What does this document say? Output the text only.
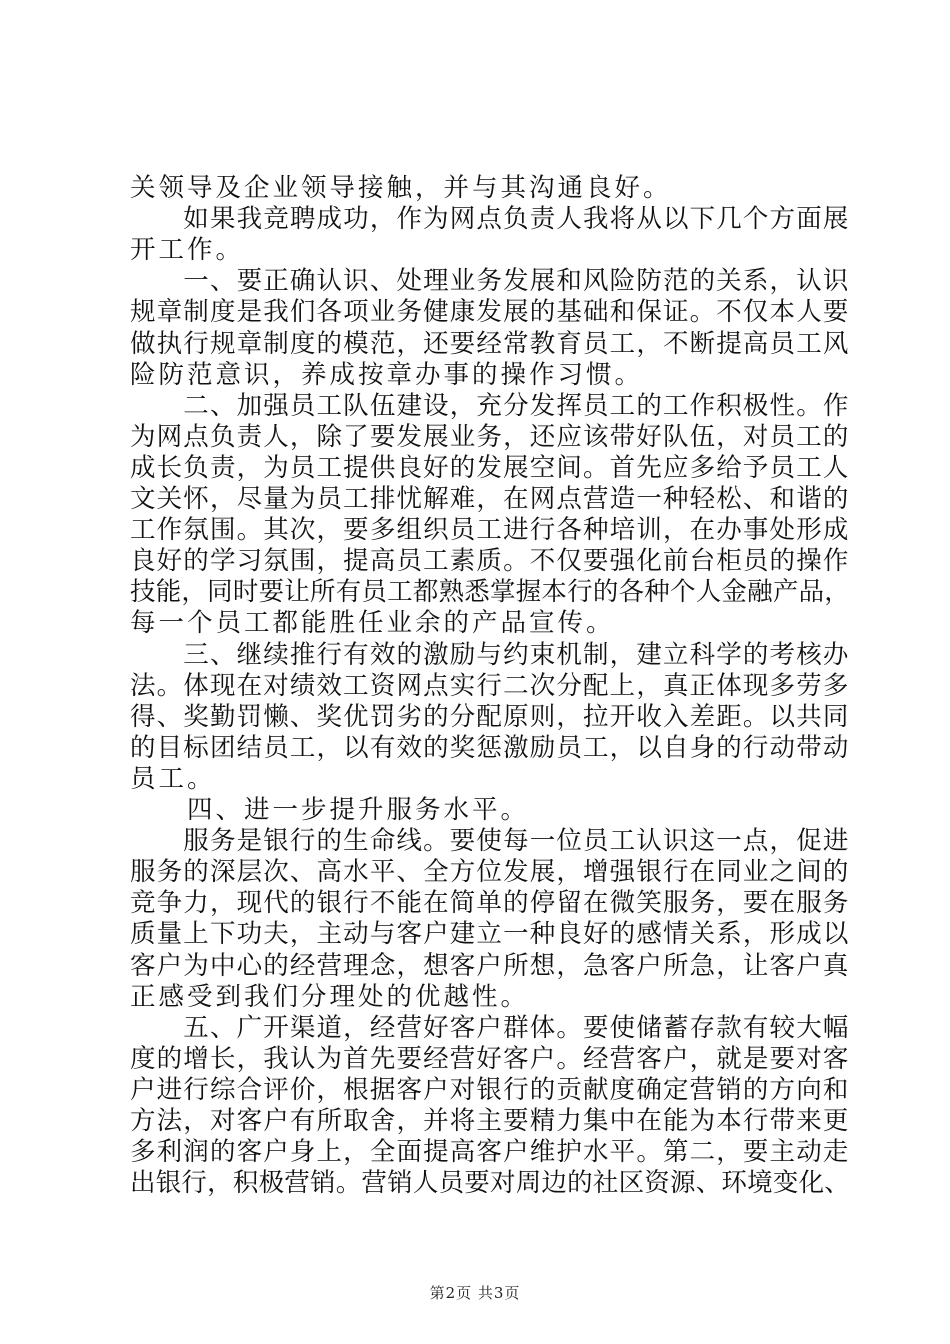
关领导及企业领导接触，并与其沟通良好。
　　如果我竞聘成功，作为网点负责人我将从以下几个方面展
开工作。
　　一、要正确认识、处理业务发展和风险防范的关系，认识
规章制度是我们各项业务健康发展的基础和保证。不仅本人要
做执行规章制度的模范，还要经常教育员工，不断提高员工风
险防范意识，养成按章办事的操作习惯。
　　二、加强员工队伍建设，充分发挥员工的工作积极性。作
为网点负责人，除了要发展业务，还应该带好队伍，对员工的
成长负责，为员工提供良好的发展空间。首先应多给予员工人
文关怀，尽量为员工排忧解难，在网点营造一种轻松、和谐的
工作氛围。其次，要多组织员工进行各种培训，在办事处形成
良好的学习氛围，提高员工素质。不仅要强化前台柜员的操作
技能，同时要让所有员工都熟悉掌握本行的各种个人金融产品，
每一个员工都能胜任业余的产品宣传。
　　三、继续推行有效的激励与约束机制，建立科学的考核办
法。体现在对绩效工资网点实行二次分配上，真正体现多劳多
得、奖勤罚懒、奖优罚劣的分配原则，拉开收入差距。以共同
的目标团结员工，以有效的奖惩激励员工，以自身的行动带动
员工。
　　四、进一步提升服务水平。
　　服务是银行的生命线。要使每一位员工认识这一点，促进
服务的深层次、高水平、全方位发展，增强银行在同业之间的
竞争力，现代的银行不能在简单的停留在微笑服务，要在服务
质量上下功夫，主动与客户建立一种良好的感情关系，形成以
客户为中心的经营理念，想客户所想，急客户所急，让客户真
正感受到我们分理处的优越性。
　　五、广开渠道，经营好客户群体。要使储蓄存款有较大幅
度的增长，我认为首先要经营好客户。经营客户，就是要对客
户进行综合评价，根据客户对银行的贡献度确定营销的方向和
方法，对客户有所取舍，并将主要精力集中在能为本行带来更
多利润的客户身上，全面提高客户维护水平。第二，要主动走
出银行，积极营销。营销人员要对周边的社区资源、环境变化、
第2页 共3页
